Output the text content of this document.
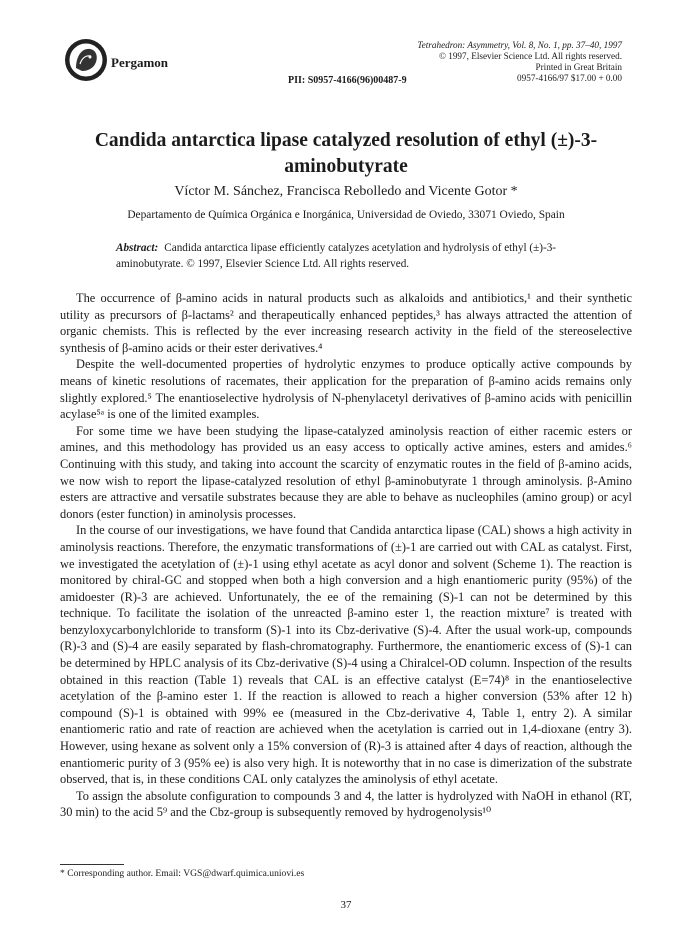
Pergamon
PII: S0957-4166(96)00487-9
Tetrahedron: Asymmetry, Vol. 8, No. 1, pp. 37–40, 1997
© 1997, Elsevier Science Ltd. All rights reserved.
Printed in Great Britain
0957-4166/97 $17.00 + 0.00
Candida antarctica lipase catalyzed resolution of ethyl (±)-3-aminobutyrate
Víctor M. Sánchez, Francisca Rebolledo and Vicente Gotor *
Departamento de Química Orgánica e Inorgánica, Universidad de Oviedo, 33071 Oviedo, Spain
Abstract: Candida antarctica lipase efficiently catalyzes acetylation and hydrolysis of ethyl (±)-3-aminobutyrate. © 1997, Elsevier Science Ltd. All rights reserved.

The occurrence of β-amino acids in natural products such as alkaloids and antibiotics,¹ and their synthetic utility as precursors of β-lactams² and therapeutically enhanced peptides,³ has always attracted the attention of organic chemists. This is reflected by the ever increasing research activity in the field of the stereoselective synthesis of β-amino acids or their ester derivatives.⁴

Despite the well-documented properties of hydrolytic enzymes to produce optically active compounds by means of kinetic resolutions of racemates, their application for the preparation of β-amino acids remains only slightly explored.⁵ The enantioselective hydrolysis of N-phenylacetyl derivatives of β-amino acids with penicillin acylase⁵ᵃ is one of the limited examples.

For some time we have been studying the lipase-catalyzed aminolysis reaction of either racemic esters or amines, and this methodology has provided us an easy access to optically active amines, esters and amides.⁶ Continuing with this study, and taking into account the scarcity of enzymatic routes in the field of β-amino acids, we now wish to report the lipase-catalyzed resolution of ethyl β-aminobutyrate 1 through aminolysis. β-Amino esters are attractive and versatile substrates because they are able to behave as nucleophiles (amino group) or acyl donors (ester function) in aminolysis processes.

In the course of our investigations, we have found that Candida antarctica lipase (CAL) shows a high activity in aminolysis reactions. Therefore, the enzymatic transformations of (±)-1 are carried out with CAL as catalyst. First, we investigated the acetylation of (±)-1 using ethyl acetate as acyl donor and solvent (Scheme 1). The reaction is monitored by chiral-GC and stopped when both a high conversion and a high enantiomeric purity (95%) of the amidoester (R)-3 are achieved. Unfortunately, the ee of the remaining (S)-1 can not be determined by this technique. To facilitate the isolation of the unreacted β-amino ester 1, the reaction mixture⁷ is treated with benzyloxycarbonylchloride to transform (S)-1 into its Cbz-derivative (S)-4. After the usual work-up, compounds (R)-3 and (S)-4 are easily separated by flash-chromatography. Furthermore, the enantiomeric excess of (S)-1 can be determined by HPLC analysis of its Cbz-derivative (S)-4 using a Chiralcel-OD column. Inspection of the results obtained in this reaction (Table 1) reveals that CAL is an effective catalyst (E=74)⁸ in the enantioselective acetylation of the β-amino ester 1. If the reaction is allowed to reach a higher conversion (53% after 12 h) compound (S)-1 is obtained with 99% ee (measured in the Cbz-derivative 4, Table 1, entry 2). A similar enantiomeric ratio and rate of reaction are achieved when the acetylation is carried out in 1,4-dioxane (entry 3). However, using hexane as solvent only a 15% conversion of (R)-3 is attained after 4 days of reaction, although the enantiomeric purity of 3 (95% ee) is also very high. It is noteworthy that in no case is dimerization of the substrate observed, that is, in these conditions CAL only catalyzes the aminolysis of ethyl acetate.

To assign the absolute configuration to compounds 3 and 4, the latter is hydrolyzed with NaOH in ethanol (RT, 30 min) to the acid 5⁹ and the Cbz-group is subsequently removed by hydrogenolysis¹⁰

* Corresponding author. Email: VGS@dwarf.quimica.uniovi.es
37
